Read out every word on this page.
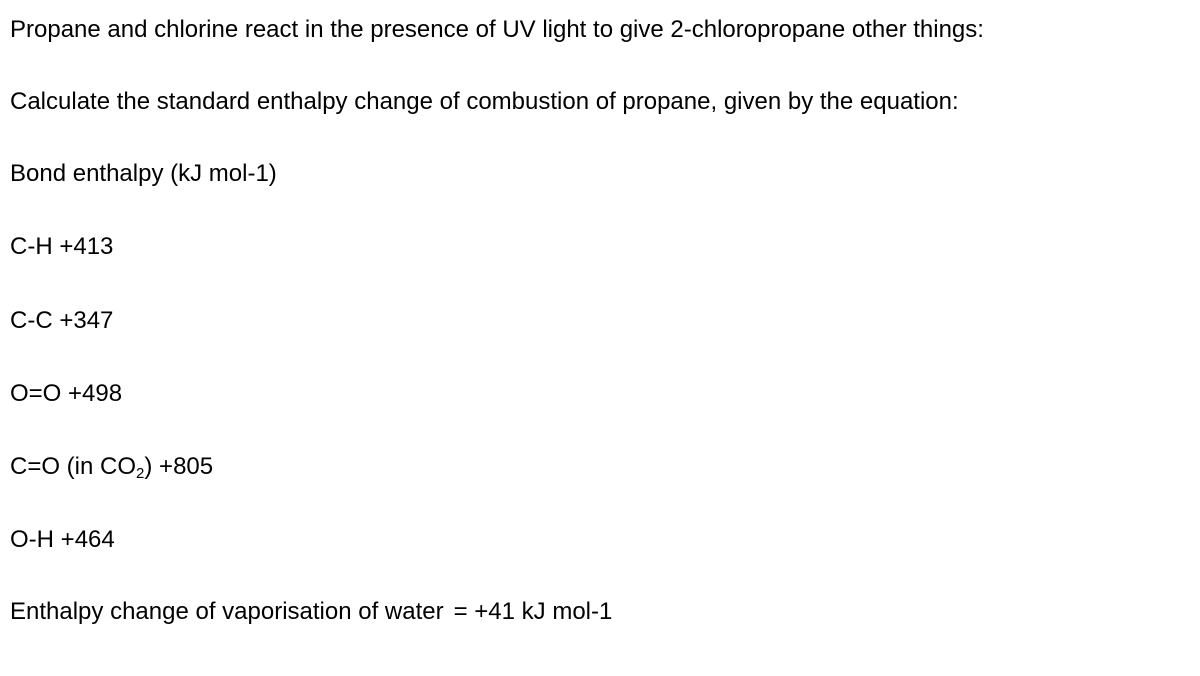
Propane and chlorine react in the presence of UV light to give 2-chloropropane other things:

Calculate the standard enthalpy change of combustion of propane, given by the equation:

Bond enthalpy (kJ mol-1)

C-H +413

C-C +347

O=O +498

C=O (in $CO_2) +805$

O-H +464

Enthalpy change of vaporisation of water = +41 kJ mol-1
